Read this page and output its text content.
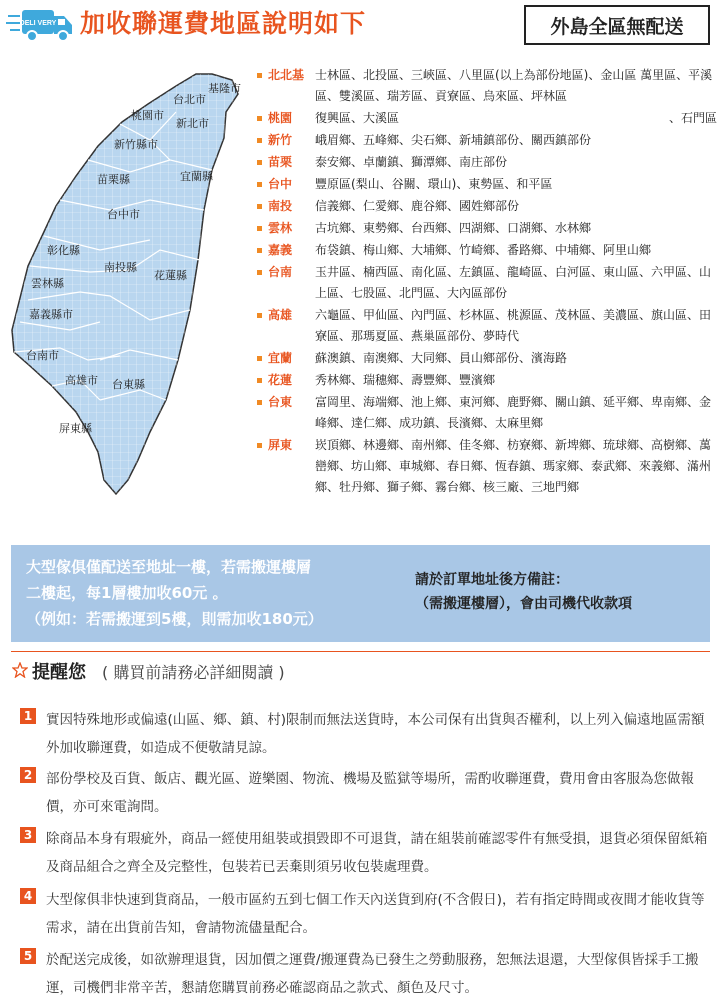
DELI VERY 加收聯運費地區說明如下	外島全區無配送
基隆市
台北市
新北市
桃園市
新竹縣市
苗栗縣	宜蘭縣
台中市
彰化縣
南投縣
花蓮縣
雲林縣
嘉義縣市
台南市
高雄市 台東縣
屏東縣
北北基 士林區、北投區、三峽區、八里區(以上為部份地區)、金山區 萬里區、平溪區、雙溪區、瑞芳區、貢寮區、烏來區、坪林區
桃園 復興區、大溪區	、石門區
新竹 峨眉鄉、五峰鄉、尖石鄉、新埔鎮部份、關西鎮部份
苗栗 泰安鄉、卓蘭鎮、獅潭鄉、南庄部份
台中 豐原區(梨山、谷關、環山)、東勢區、和平區
南投 信義鄉、仁愛鄉、鹿谷鄉、國姓鄉部份
雲林 古坑鄉、東勢鄉、台西鄉、四湖鄉、口湖鄉、水林鄉
嘉義 布袋鎮、梅山鄉、大埔鄉、竹崎鄉、番路鄉、中埔鄉、阿里山鄉
台南 玉井區、楠西區、南化區、左鎮區、龍崎區、白河區、東山區、六甲區、山上區、七股區、北門區、大內區部份
高雄 六龜區、甲仙區、內門區、杉林區、桃源區、茂林區、美濃區、旗山區、田寮區、那瑪夏區、燕巢區部份、夢時代
宜蘭 蘇澳鎮、南澳鄉、大同鄉、員山鄉部份、濱海路
花蓮 秀林鄉、瑞穗鄉、壽豐鄉、豐濱鄉
台東 富岡里、海端鄉、池上鄉、東河鄉、鹿野鄉、關山鎮、延平鄉、卑南鄉、金峰鄉、達仁鄉、成功鎮、長濱鄉、太麻里鄉
屏東 崁頂鄉、林邊鄉、南州鄉、佳冬鄉、枋寮鄉、新埤鄉、琉球鄉、高樹鄉、萬巒鄉、坊山鄉、車城鄉、春日鄉、恆春鎮、瑪家鄉、泰武鄉、來義鄉、滿州鄉、牡丹鄉、獅子鄉、霧台鄉、核三廠、三地門鄉
大型傢俱僅配送至地址一樓，若需搬運樓層
二樓起，每1層樓加收60元 。
（例如：若需搬運到5樓，則需加收180元）
請於訂單地址後方備註：
（需搬運樓層），會由司機代收款項
提醒您 ( 購買前請務必詳細閱讀 )
1 實因特殊地形或偏遠(山區、鄉、鎮、村)限制而無法送貨時，本公司保有出貨與否權利，以上列入偏遠地區需額外加收聯運費，如造成不便敬請見諒。
2 部份學校及百貨、飯店、觀光區、遊樂園、物流、機場及監獄等場所，需酌收聯運費，費用會由客服為您做報價，亦可來電詢問。
3 除商品本身有瑕疵外，商品一經使用組裝或損毀即不可退貨，請在組裝前確認零件有無受損，退貨必須保留紙箱及商品組合之齊全及完整性，包裝若已丟棄則須另收包裝處理費。
4 大型傢俱非快速到貨商品，一般市區約五到七個工作天內送貨到府(不含假日)，若有指定時間或夜間才能收貨等需求，請在出貨前告知，會請物流儘量配合。
5 於配送完成後，如欲辦理退貨，因加價之運費/搬運費為已發生之勞動服務，恕無法退還，大型傢俱皆採手工搬運，司機們非常辛苦，懇請您購買前務必確認商品之款式、顏色及尺寸。
